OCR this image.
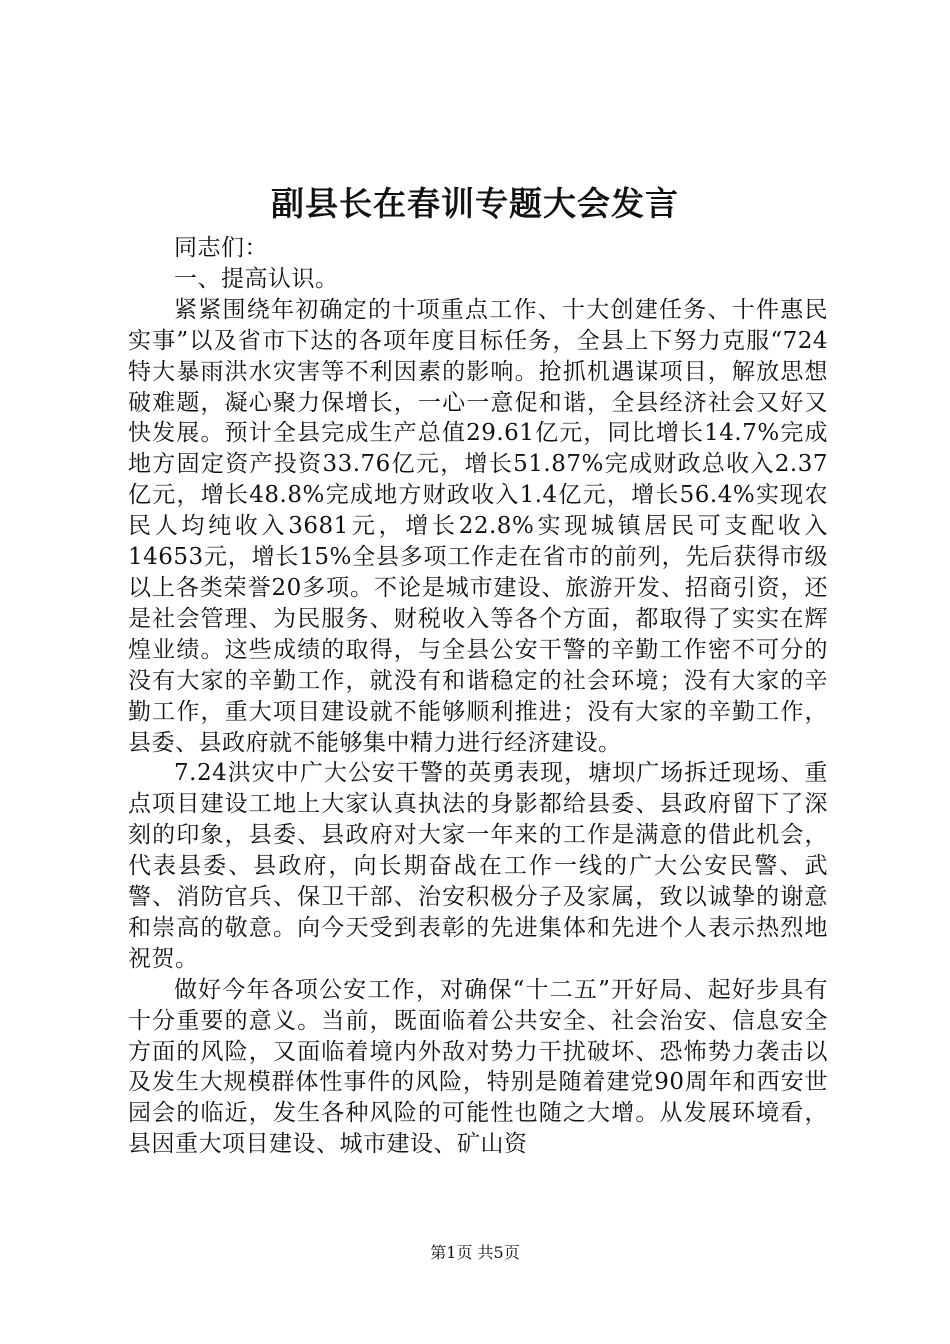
副县长在春训专题大会发言

同志们：

一、提高认识。

紧紧围绕年初确定的十项重点工作、十大创建任务、十件惠民实事”以及省市下达的各项年度目标任务，全县上下努力克服“724特大暴雨洪水灾害等不利因素的影响。抢抓机遇谋项目，解放思想破难题，凝心聚力保增长，一心一意促和谐，全县经济社会又好又快发展。预计全县完成生产总值29.61亿元，同比增长14.7%完成地方固定资产投资33.76亿元，增长51.87%完成财政总收入2.37亿元，增长48.8%完成地方财政收入1.4亿元，增长56.4%实现农民人均纯收入3681元，增长22.8%实现城镇居民可支配收入14653元，增长15%全县多项工作走在省市的前列，先后获得市级以上各类荣誉20多项。不论是城市建设、旅游开发、招商引资，还是社会管理、为民服务、财税收入等各个方面，都取得了实实在辉煌业绩。这些成绩的取得，与全县公安干警的辛勤工作密不可分的没有大家的辛勤工作，就没有和谐稳定的社会环境；没有大家的辛勤工作，重大项目建设就不能够顺利推进；没有大家的辛勤工作，县委、县政府就不能够集中精力进行经济建设。

7.24洪灾中广大公安干警的英勇表现，塘坝广场拆迁现场、重点项目建设工地上大家认真执法的身影都给县委、县政府留下了深刻的印象，县委、县政府对大家一年来的工作是满意的借此机会，代表县委、县政府，向长期奋战在工作一线的广大公安民警、武警、消防官兵、保卫干部、治安积极分子及家属，致以诚挚的谢意和崇高的敬意。向今天受到表彰的先进集体和先进个人表示热烈地祝贺。

做好今年各项公安工作，对确保“十二五”开好局、起好步具有十分重要的意义。当前，既面临着公共安全、社会治安、信息安全方面的风险，又面临着境内外敌对势力干扰破坏、恐怖势力袭击以及发生大规模群体性事件的风险，特别是随着建党90周年和西安世园会的临近，发生各种风险的可能性也随之大增。从发展环境看，县因重大项目建设、城市建设、矿山资

第1页 共5页
